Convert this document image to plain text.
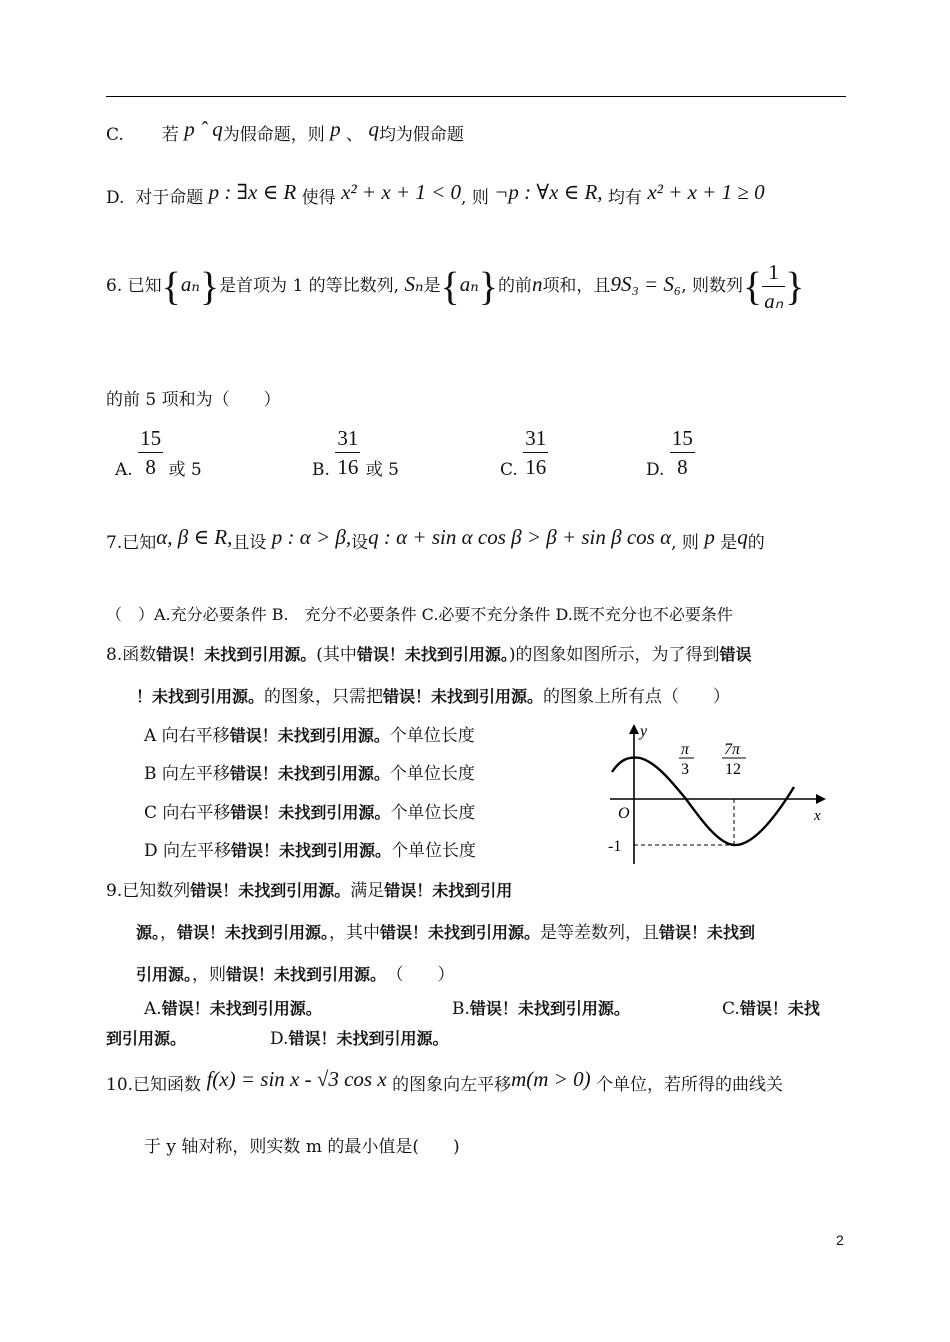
C. 若 p ˆ q为假命题，则 p 、 q均为假命题
D. 对于命题 p : ∃x ∈ R 使得 x² + x + 1 < 0, 则 ¬p : ∀x ∈ R, 均有 x² + x + 1 ≥ 0
6. 已知{aₙ}是首项为 1 的等比数列, Sₙ是{aₙ}的前n项和，且9S₃ = S₆, 则数列{ $\frac{1}{\text{aₙ}}$ }
的前 5 项和为（　　）
A. $\frac{15}{8}$ 或 5	B. $\frac{31}{16}$ 或 5	C. $\frac{31}{16}$	D. $\frac{15}{8}$
7.已知α, β ∈ R,且设 p : α > β,设q : α + sin α cos β > β + sin β cos α, 则 p 是q的
（　）A.充分必要条件 B.　充分不必要条件 C.必要不充分条件 D.既不充分也不必要条件
8.函数错误！未找到引用源。(其中错误！未找到引用源。)的图象如图所示，为了得到错误
！未找到引用源。的图象，只需把错误！未找到引用源。的图象上所有点（　　）
A 向右平移错误！未找到引用源。个单位长度
B 向左平移错误！未找到引用源。个单位长度
C 向右平移错误！未找到引用源。个单位长度
D 向左平移错误！未找到引用源。个单位长度
y
x
O
-1
π
3
7π
12
9.已知数列错误！未找到引用源。满足错误！未找到引用
源。，错误！未找到引用源。，其中错误！未找到引用源。是等差数列，且错误！未找到
引用源。，则错误！未找到引用源。　（　　）
A.错误！未找到引用源。	B.错误！未找到引用源。	C.错误！未找
到引用源。	D.错误！未找到引用源。
10.已知函数 f(x) = sin x - √3 cos x 的图象向左平移m(m > 0) 个单位，若所得的曲线关
于 y 轴对称，则实数 m 的最小值是(　　)
2
